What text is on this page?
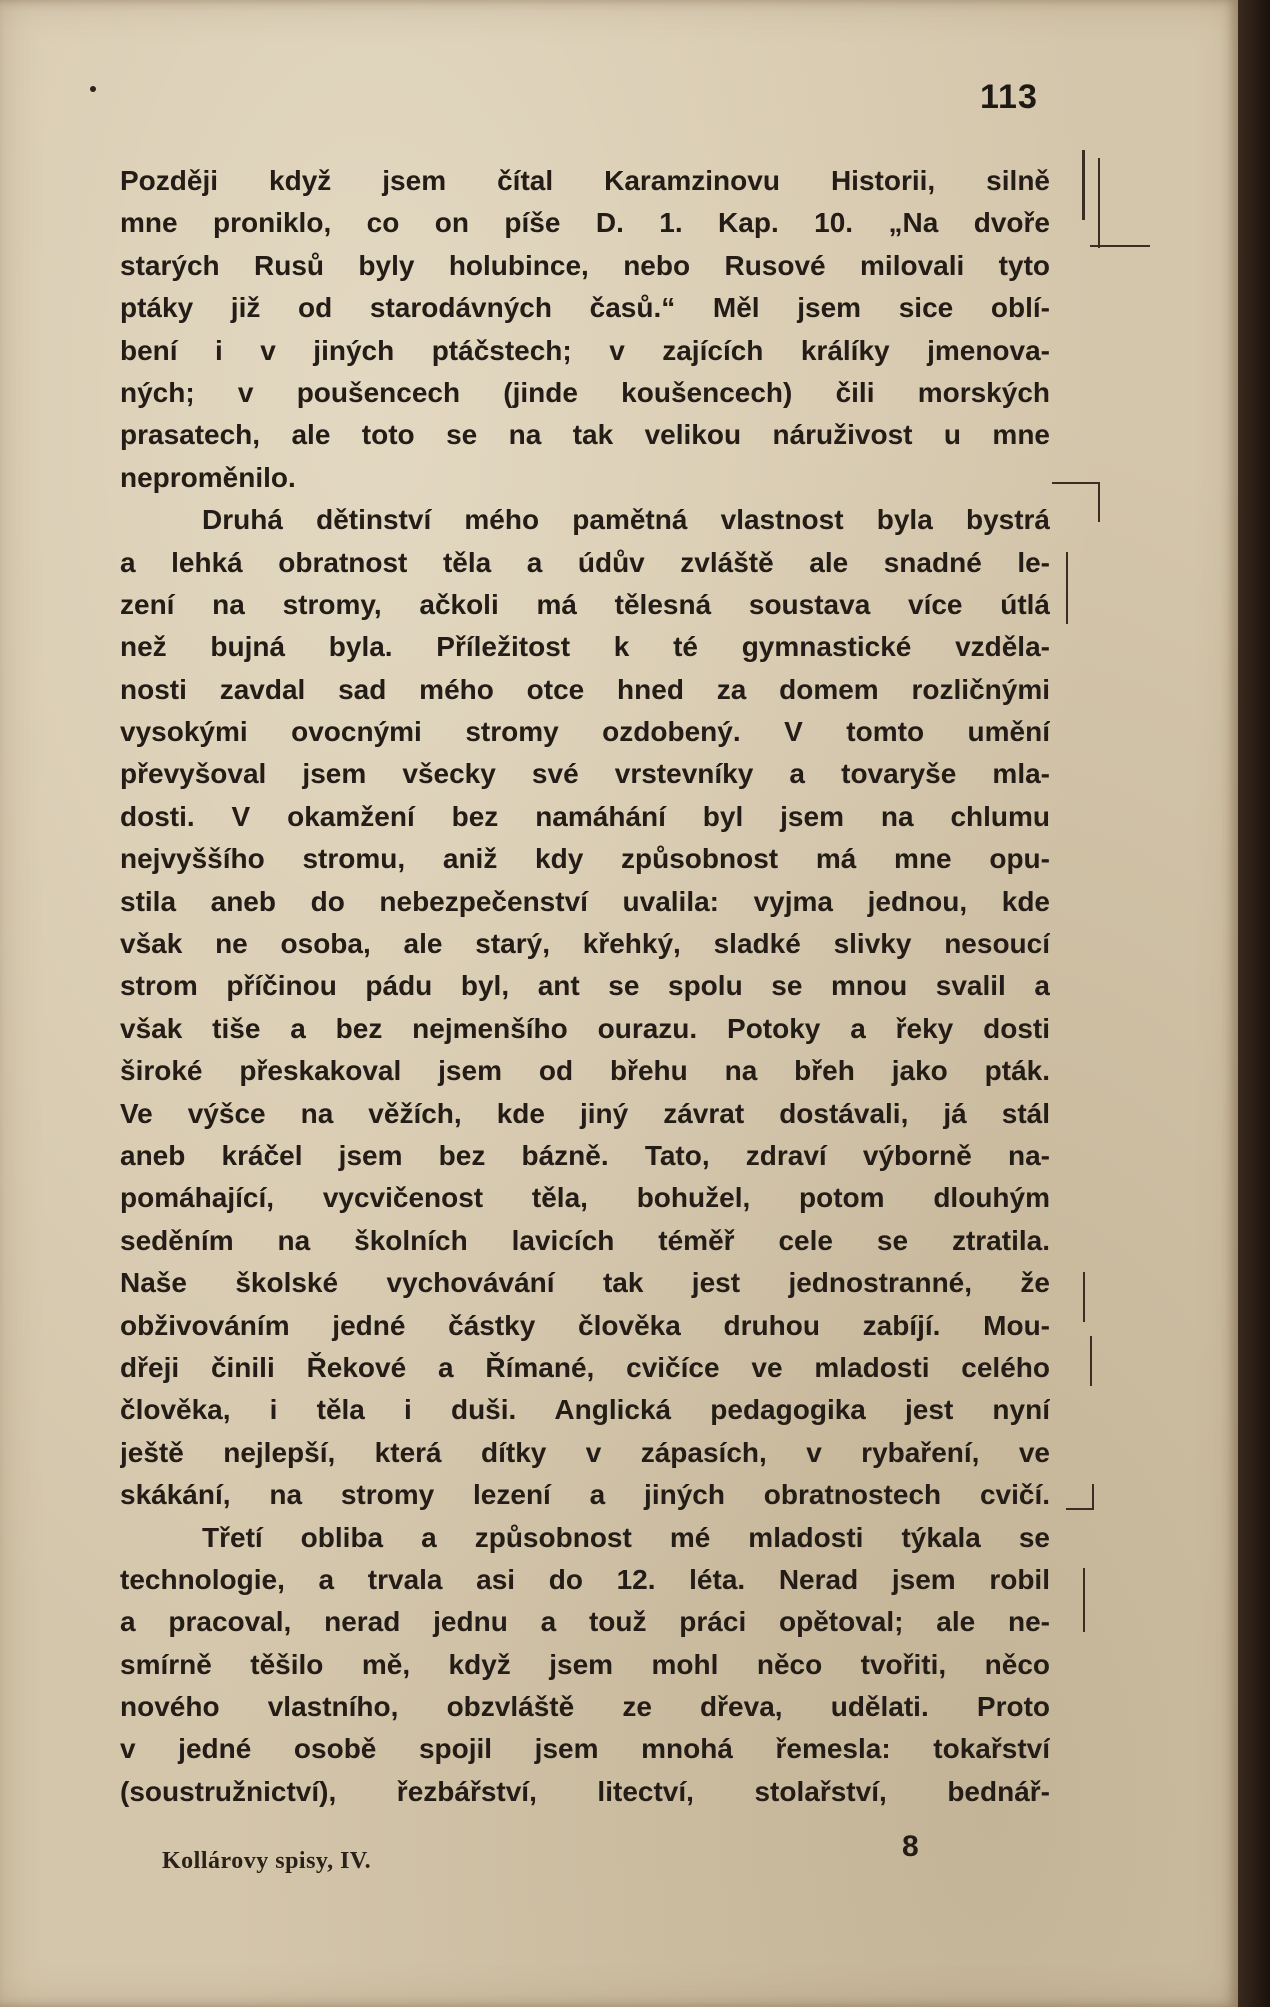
113
Později když jsem čítal Karamzinovu Historii, silně
mne proniklo, co on píše D. 1. Kap. 10. „Na dvoře
starých Rusů byly holubince, nebo Rusové milovali tyto
ptáky již od starodávných časů.“ Měl jsem sice oblí-
bení i v jiných ptáčstech; v zajících králíky jmenova-
ných; v poušencech (jinde koušencech) čili morských
prasatech, ale toto se na tak velikou náruživost u mne
neproměnilo.
Druhá dětinství mého pamětná vlastnost byla bystrá
a lehká obratnost těla a údův zvláště ale snadné le-
zení na stromy, ačkoli má tělesná soustava více útlá
než bujná byla. Příležitost k té gymnastické vzděla-
nosti zavdal sad mého otce hned za domem rozličnými
vysokými ovocnými stromy ozdobený. V tomto umění
převyšoval jsem všecky své vrstevníky a tovaryše mla-
dosti. V okamžení bez namáhání byl jsem na chlumu
nejvyššího stromu, aniž kdy způsobnost má mne opu-
stila aneb do nebezpečenství uvalila: vyjma jednou, kde
však ne osoba, ale starý, křehký, sladké slivky nesoucí
strom příčinou pádu byl, ant se spolu se mnou svalil a
však tiše a bez nejmenšího ourazu. Potoky a řeky dosti
široké přeskakoval jsem od břehu na břeh jako pták.
Ve výšce na věžích, kde jiný závrat dostávali, já stál
aneb kráčel jsem bez bázně. Tato, zdraví výborně na-
pomáhající, vycvičenost těla, bohužel, potom dlouhým
seděním na školních lavicích téměř cele se ztratila.
Naše školské vychovávání tak jest jednostranné, že
obživováním jedné částky člověka druhou zabíjí. Mou-
dřeji činili Řekové a Římané, cvičíce ve mladosti celého
člověka, i těla i duši. Anglická pedagogika jest nyní
ještě nejlepší, která dítky v zápasích, v rybaření, ve
skákání, na stromy lezení a jiných obratnostech cvičí.
Třetí obliba a způsobnost mé mladosti týkala se
technologie, a trvala asi do 12. léta. Nerad jsem robil
a pracoval, nerad jednu a touž práci opětoval; ale ne-
smírně těšilo mě, když jsem mohl něco tvořiti, něco
nového vlastního, obzvláště ze dřeva, udělati. Proto
v jedné osobě spojil jsem mnohá řemesla: tokařství
(soustružnictví), řezbářství, litectví, stolařství, bednář-
Kollárovy spisy, IV.	8
